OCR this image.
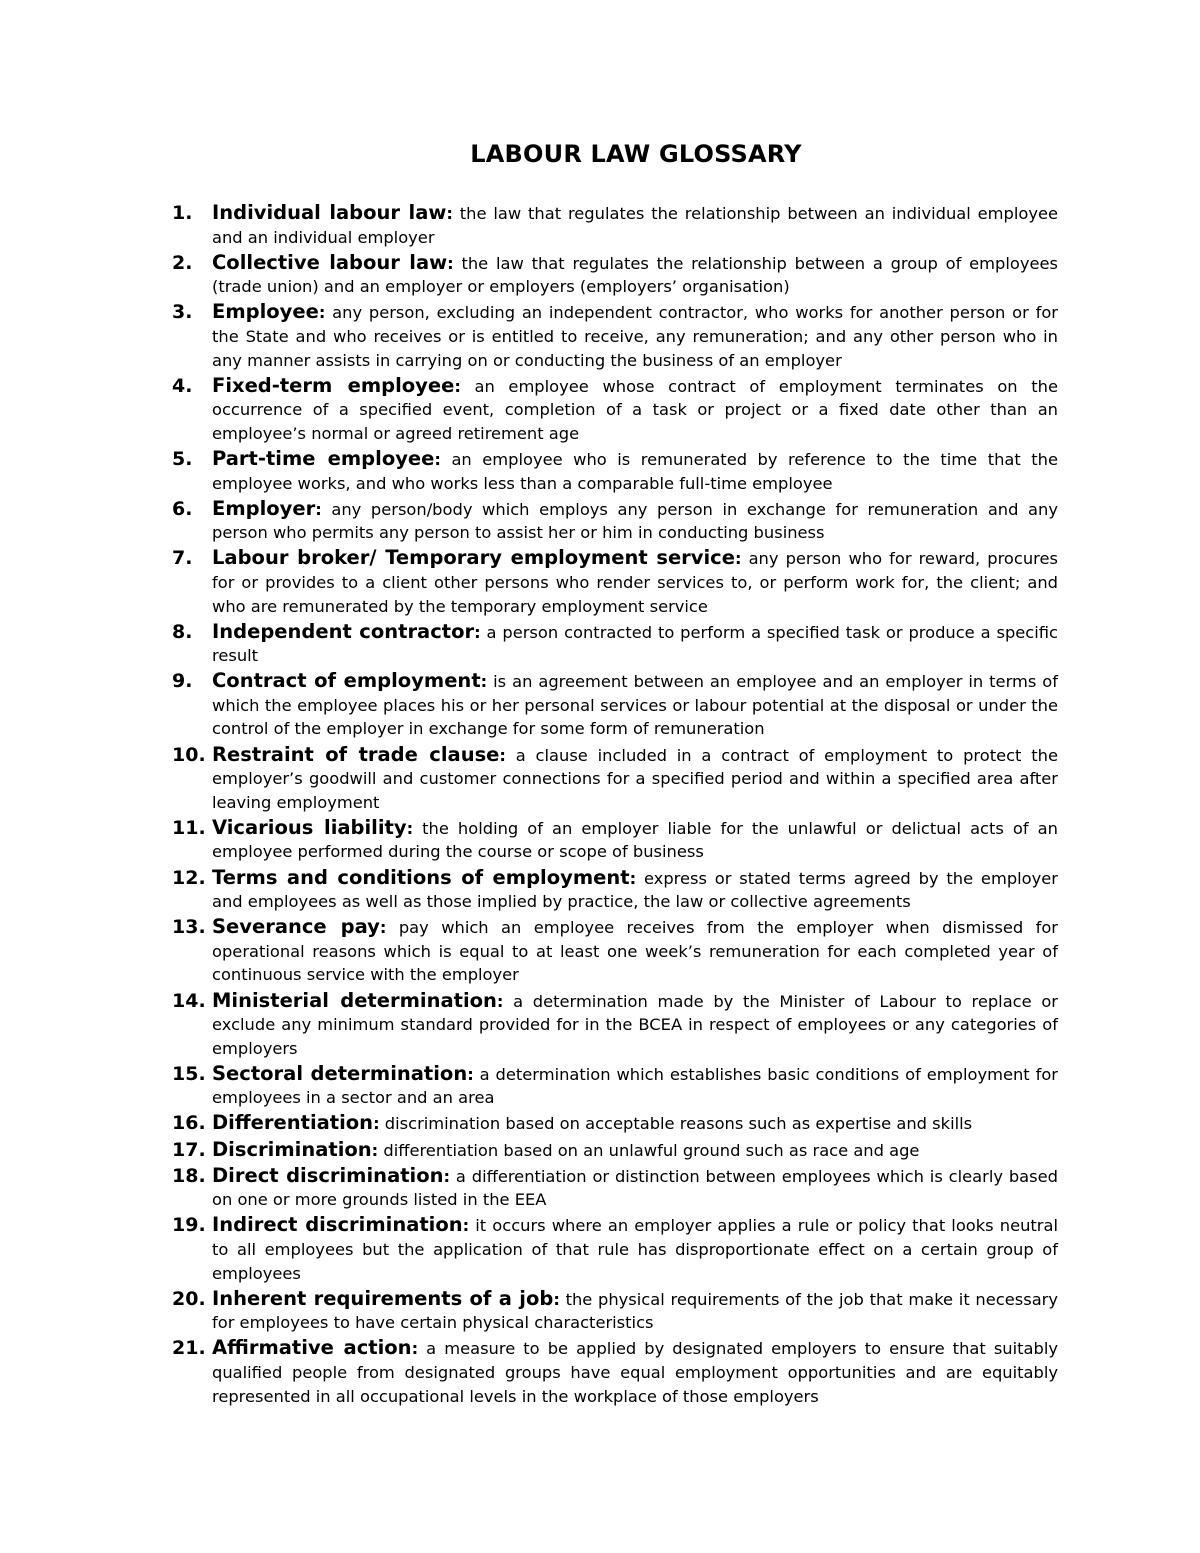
LABOUR LAW GLOSSARY
1. Individual labour law: the law that regulates the relationship between an individual employee and an individual employer
2. Collective labour law: the law that regulates the relationship between a group of employees (trade union) and an employer or employers (employers’ organisation)
3. Employee: any person, excluding an independent contractor, who works for another person or for the State and who receives or is entitled to receive, any remuneration; and any other person who in any manner assists in carrying on or conducting the business of an employer
4. Fixed-term employee: an employee whose contract of employment terminates on the occurrence of a specified event, completion of a task or project or a fixed date other than an employee’s normal or agreed retirement age
5. Part-time employee: an employee who is remunerated by reference to the time that the employee works, and who works less than a comparable full-time employee
6. Employer: any person/body which employs any person in exchange for remuneration and any person who permits any person to assist her or him in conducting business
7. Labour broker/ Temporary employment service: any person who for reward, procures for or provides to a client other persons who render services to, or perform work for, the client; and who are remunerated by the temporary employment service
8. Independent contractor: a person contracted to perform a specified task or produce a specific result
9. Contract of employment: is an agreement between an employee and an employer in terms of which the employee places his or her personal services or labour potential at the disposal or under the control of the employer in exchange for some form of remuneration
10. Restraint of trade clause: a clause included in a contract of employment to protect the employer’s goodwill and customer connections for a specified period and within a specified area after leaving employment
11. Vicarious liability: the holding of an employer liable for the unlawful or delictual acts of an employee performed during the course or scope of business
12. Terms and conditions of employment: express or stated terms agreed by the employer and employees as well as those implied by practice, the law or collective agreements
13. Severance pay: pay which an employee receives from the employer when dismissed for operational reasons which is equal to at least one week’s remuneration for each completed year of continuous service with the employer
14. Ministerial determination: a determination made by the Minister of Labour to replace or exclude any minimum standard provided for in the BCEA in respect of employees or any categories of employers
15. Sectoral determination: a determination which establishes basic conditions of employment for employees in a sector and an area
16. Differentiation: discrimination based on acceptable reasons such as expertise and skills
17. Discrimination: differentiation based on an unlawful ground such as race and age
18. Direct discrimination: a differentiation or distinction between employees which is clearly based on one or more grounds listed in the EEA
19. Indirect discrimination: it occurs where an employer applies a rule or policy that looks neutral to all employees but the application of that rule has disproportionate effect on a certain group of employees
20. Inherent requirements of a job: the physical requirements of the job that make it necessary for employees to have certain physical characteristics
21. Affirmative action: a measure to be applied by designated employers to ensure that suitably qualified people from designated groups have equal employment opportunities and are equitably represented in all occupational levels in the workplace of those employers
